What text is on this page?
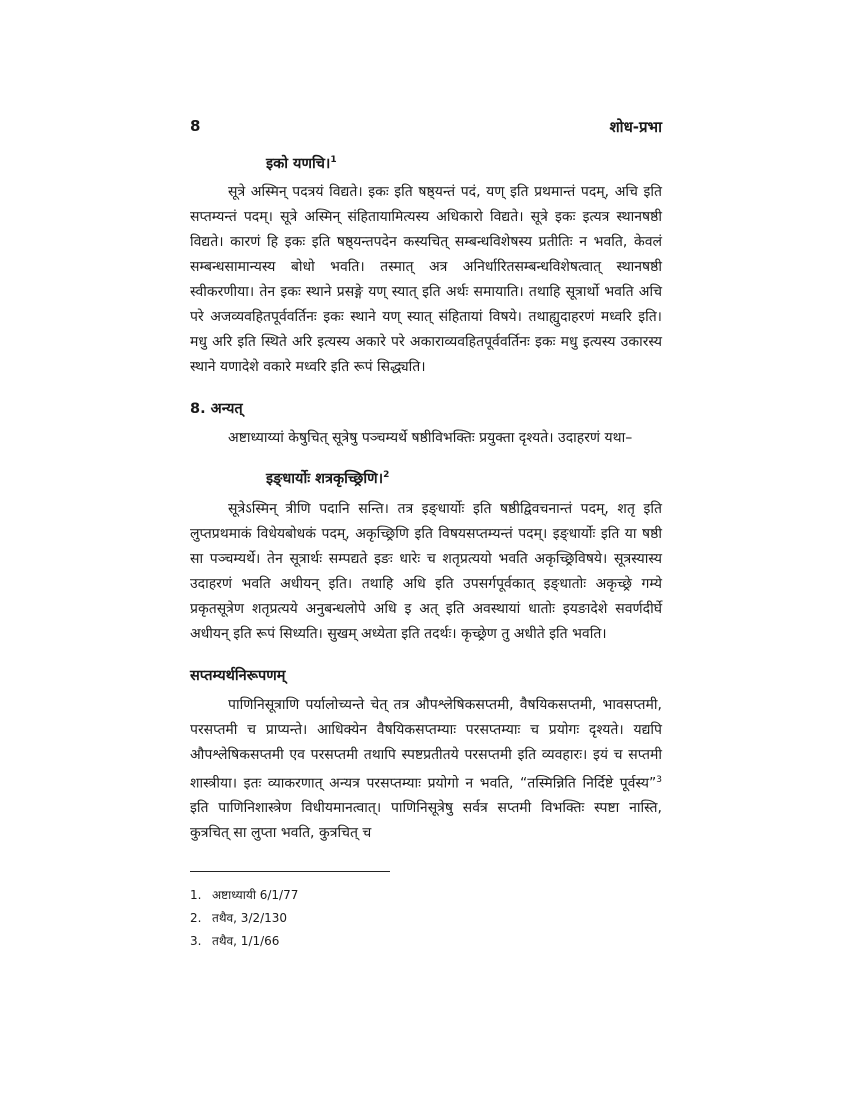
8	शोध-प्रभा
इको यणचि।$^1$

सूत्रे अस्मिन् पदत्रयं विद्यते। इकः इति षष्ठ्यन्तं पदं, यण् इति प्रथमान्तं पदम्, अचि इति सप्तम्यन्तं पदम्। सूत्रे अस्मिन् संहितायामित्यस्य अधिकारो विद्यते। सूत्रे इकः इत्यत्र स्थानषष्ठी विद्यते। कारणं हि इकः इति षष्ठ्यन्तपदेन कस्यचित् सम्बन्धविशेषस्य प्रतीतिः न भवति, केवलं सम्बन्धसामान्यस्य बोधो भवति। तस्मात् अत्र अनिर्धारितसम्बन्धविशेषत्वात् स्थानषष्ठी स्वीकरणीया। तेन इकः स्थाने प्रसङ्गे यण् स्यात् इति अर्थः समायाति। तथाहि सूत्रार्थो भवति अचि परे अजव्यवहितपूर्ववर्तिनः इकः स्थाने यण् स्यात् संहितायां विषये। तथाह्युदाहरणं मध्वरि इति। मधु अरि इति स्थिते अरि इत्यस्य अकारे परे अकाराव्यवहितपूर्ववर्तिनः इकः मधु इत्यस्य उकारस्य स्थाने यणादेशे वकारे मध्वरि इति रूपं सिद्ध्यति।

8. अन्यत्

अष्टाध्याय्यां केषुचित् सूत्रेषु पञ्चम्यर्थे षष्ठीविभक्तिः प्रयुक्ता दृश्यते। उदाहरणं यथा–

इङ्धार्योः शत्रकृच्छ्रिणि।$^2$

सूत्रेऽस्मिन् त्रीणि पदानि सन्ति। तत्र इङ्धार्योः इति षष्ठीद्विवचनान्तं पदम्, शतृ इति लुप्तप्रथमाकं विधेयबोधकं पदम्, अकृच्छ्रिणि इति विषयसप्तम्यन्तं पदम्। इङ्धार्योः इति या षष्ठी सा पञ्चम्यर्थे। तेन सूत्रार्थः सम्पद्यते इङः धारेः च शतृप्रत्ययो भवति अकृच्छ्रिविषये। सूत्रस्यास्य उदाहरणं भवति अधीयन् इति। तथाहि अधि इति उपसर्गपूर्वकात् इङ्धातोः अकृच्छ्रे गम्ये प्रकृतसूत्रेण शतृप्रत्यये अनुबन्धलोपे अधि इ अत् इति अवस्थायां धातोः इयङादेशे सवर्णदीर्घे अधीयन् इति रूपं सिध्यति। सुखम् अध्येता इति तदर्थः। कृच्छ्रेण तु अधीते इति भवति।

सप्तम्यर्थनिरूपणम्

पाणिनिसूत्राणि पर्यालोच्यन्ते चेत् तत्र औपश्लेषिकसप्तमी, वैषयिकसप्तमी, भावसप्तमी, परसप्तमी च प्राप्यन्ते। आधिक्येन वैषयिकसप्तम्याः परसप्तम्याः च प्रयोगः दृश्यते। यद्यपि औपश्लेषिकसप्तमी एव परसप्तमी तथापि स्पष्टप्रतीतये परसप्तमी इति व्यवहारः। इयं च सप्तमी शास्त्रीया। इतः व्याकरणात् अन्यत्र परसप्तम्याः प्रयोगो न भवति, “तस्मिन्निति निर्दिष्टे पूर्वस्य”$^3$ इति पाणिनिशास्त्रेण विधीयमानत्वात्। पाणिनिसूत्रेषु सर्वत्र सप्तमी विभक्तिः स्पष्टा नास्ति, कुत्रचित् सा लुप्ता भवति, कुत्रचित् च

1. अष्टाध्यायी 6/1/77
2. तथैव, 3/2/130
3. तथैव, 1/1/66
